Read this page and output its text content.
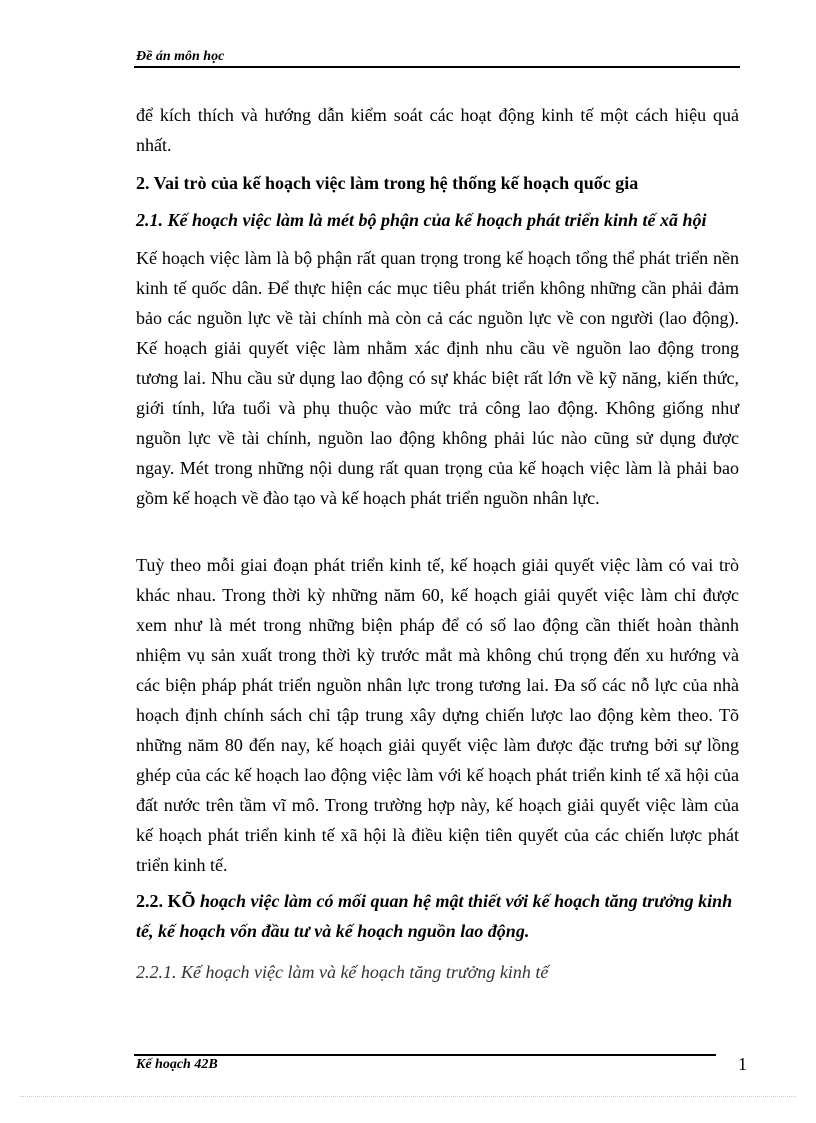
Đề án môn học

để kích thích và hướng dẫn kiểm soát các hoạt động kinh tế một cách hiệu quả nhất.

2. Vai trò của kế hoạch việc làm trong hệ thống kế hoạch quốc gia

2.1. Kế hoạch việc làm là mét bộ phận của kế hoạch phát triển kinh tế xã hội

Kế hoạch việc làm là bộ phận rất quan trọng trong kế hoạch tổng thể phát triển nền kinh tế quốc dân. Để thực hiện các mục tiêu phát triển không những cần phải đảm bảo các nguồn lực về tài chính mà còn cả các nguồn lực về con người (lao động). Kế hoạch giải quyết việc làm nhằm xác định nhu cầu về nguồn lao động trong tương lai. Nhu cầu sử dụng lao động có sự khác biệt rất lớn về kỹ năng, kiến thức, giới tính, lứa tuổi và phụ thuộc vào mức trả công lao động. Không giống như nguồn lực về tài chính, nguồn lao động không phải lúc nào cũng sử dụng được ngay. Mét trong những nội dung rất quan trọng của kế hoạch việc làm là phải bao gồm kế hoạch về đào tạo và kế hoạch phát triển nguồn nhân lực.

Tuỳ theo mỗi giai đoạn phát triển kinh tế, kế hoạch giải quyết việc làm có vai trò khác nhau. Trong thời kỳ những năm 60, kế hoạch giải quyết việc làm chỉ được xem như là mét trong những biện pháp để có số lao động cần thiết hoàn thành nhiệm vụ sản xuất trong thời kỳ trước mắt mà không chú trọng đến xu hướng và các biện pháp phát triển nguồn nhân lực trong tương lai. Đa số các nỗ lực của nhà hoạch định chính sách chỉ tập trung xây dựng chiến lược lao động kèm theo. Tõ những năm 80 đến nay, kế hoạch giải quyết việc làm được đặc trưng bởi sự lồng ghép của các kế hoạch lao động việc làm với kế hoạch phát triển kinh tế xã hội của đất nước trên tầm vĩ mô. Trong trường hợp này, kế hoạch giải quyết việc làm của kế hoạch phát triển kinh tế xã hội là điều kiện tiên quyết của các chiến lược phát triển kinh tế.

2.2. KÕ hoạch việc làm có mối quan hệ mật thiết với kế hoạch tăng trưởng kinh tế, kế hoạch vốn đầu tư và kế hoạch nguồn lao động.

2.2.1. Kế hoạch việc làm và kế hoạch tăng trưởng kinh tế

Kế hoạch 42B	1
